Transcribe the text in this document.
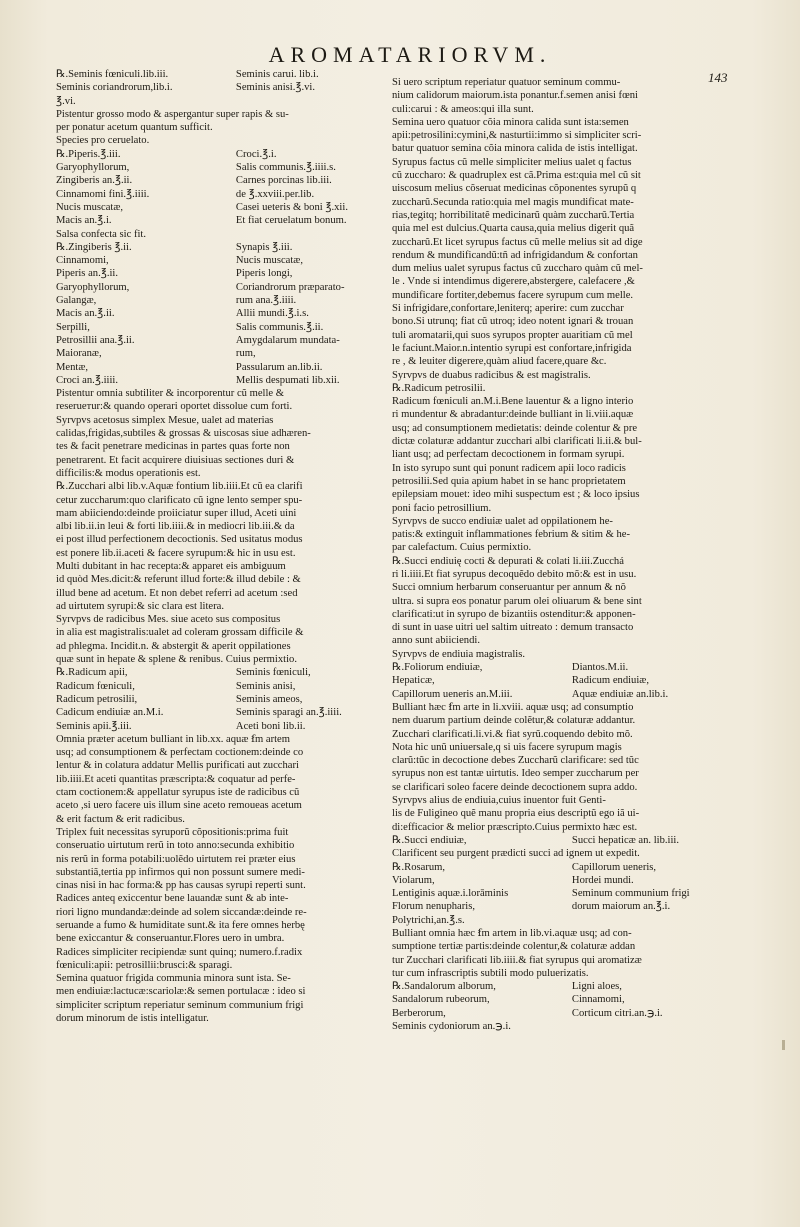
AROMATARIORVM.
143
℞.Seminis fœniculi.lib.iii.	Seminis carui. lib.i.
Seminis coriandrorum,lib.i.	Seminis anisi.℥.vi.

℥.vi.

Pistentur grosso modo & aspergantur super rapis & su-

per ponatur acetum quantum sufficit.

Species pro ceruelato.

℞.Piperis.℥.iii.	Croci.℥.i.
Garyophyllorum,	Salis communis.℥.iiii.s.
Zingiberis an.℥.ii.	Carnes porcinas lib.iii.
Cinnamomi fini.℥.iiii.	de ℥.xxviii.per.lib.
Nucis muscatæ,	Casei ueteris & boni ℥.xii.
Macis an.℥.i.	Et fiat ceruelatum bonum.

Salsa confecta sic fit.

℞.Zingiberis ℥.ii.	Synapis ℥.iii.
Cinnamomi,	Nucis muscatæ,
Piperis an.℥.ii.	Piperis longi,
Garyophyllorum,	Coriandrorum præparato-
Galangæ,	rum ana.℥.iiii.
Macis an.℥.ii.	Allii mundi.℥.i.s.
Serpilli,	Salis communis.℥.ii.
Petrosillii ana.℥.ii.	Amygdalarum mundata-
Maioranæ,	rum,
Mentæ,	Passularum an.lib.ii.
Croci an.℥.iiii.	Mellis despumati lib.xii.

Pistentur omnia subtiliter & incorporentur cũ melle &

reserueтur:& quando operari oportet dissolue cum forti.

Syrvpvs acetosus simplex Mesue, ualet ad materias

calidas,frigidas,subtiles & grossas & uiscosas siue adhæren-

tes & facit penetrare medicinas in partes quas forte non

penetrarent. Et facit acquirere diuisiuas sectiones duri &

difficilis:& modus operationis est.

℞.Zucchari albi lib.v.Aquæ fontium lib.iiii.Et cũ ea clarifi

cetur zuccharum:quo clarificato cũ igne lento semper spu-

mam abiiciendo:deinde proiiciatur super illud, Aceti uini

albi lib.ii.in leui & forti lib.iiii.& in mediocri lib.iii.& da

ei post illud perfectionem decoctionis. Sed usitatus modus

est ponere lib.ii.aceti & facere syrupum:& hic in usu est.

Multi dubitant in hac recepta:& apparet eis ambiguum

id quòd Mes.dicit:& referunt illud forte:& illud debile : &

illud bene ad acetum. Et non debet referri ad acetum :sed

ad uirtutem syrupi:& sic clara est litera.

Syrvpvs de radicibus Mes. siue aceto sus compositus

in alia est magistralis:ualet ad coleram grossam difficile &

ad phlegma. Incidit.n. & abstergit & aperit oppilationes

quæ sunt in hepate & splene & renibus. Cuius permixtio.

℞.Radicum apii,	Seminis fœniculi,
Radicum fœniculi,	Seminis anisi,
Radicum petrosilii,	Seminis ameos,
Cadicum endiuiæ an.M.i.	Seminis sparagi an.℥.iiii.
Seminis apii.℥.iii.	Aceti boni lib.ii.

Omnia præter acetum bulliant in lib.xx. aquæ ẜm artem

usq; ad consumptionem & perfectam coctionem:deinde co

lentur & in colatura addatur Mellis purificati aut zucchari

lib.iiii.Et aceti quantitas præscripta:& coquatur ad perfe-

ctam coctionem:& appellatur syrupus iste de radicibus cũ

aceto ,si uero facere uis illum sine aceto remoueas acetum

& erit factum & erit radicibus.

Triplex fuit necessitas syruporũ cõpositionis:prima fuit

conseruatio uirtutum rerũ in toto anno:secunda exhibitio

nis rerũ in forma potabili:uolẽdo uirtutem rei præter eius

substantiã,tertia pp infirmos qui non possunt sumere medi-

cinas nisi in hac forma:& pp has causas syrupi reperti sunt.

Radices anteq exiccentur bene lauandæ sunt & ab inte-

riori ligno mundandæ:deinde ad solem siccandæ:deinde re-

seruande a fumo & humiditate sunt.& ita fere omnes herbę

bene exiccantur & conseruantur.Flores uero in umbra.

Radices simpliciter recipiendæ sunt quinq; numero.f.radix

fœniculi:apii: petrosillii:brusci:& sparagi.

Semina quatuor frigida communia minora sunt ista. Se-

men endiuiæ:lactucæ:scariolæ:& semen portulacæ : ideo si

simpliciter scriptum reperiatur seminum communium frigi

dorum minorum de istis intelligatur.

Si uero scriptum reperiatur quatuor seminum commu-

nium calidorum maiorum.ista ponantur.f.semen anisi fœni

culi:carui : & ameos:qui illa sunt.

Semina uero quatuor cõia minora calida sunt ista:semen

apii:petrosilini:cymini,& nasturtii:immo si simpliciter scri-

batur quatuor semina cõia minora calida de istis intelligat.

Syrupus factus cũ melle simpliciter melius ualet q factus

cũ zuccharo: & quadruplex est cã.Prima est:quia mel cũ sit

uiscosum melius cõseruat medicinas cõponentes syrupũ q

zuccharũ.Secunda ratio:quia mel magis mundificat mate-

rias,tegitq; horribilitatẽ medicinarũ quàm zuccharũ.Tertia

quia mel est dulcius.Quarta causa,quia melius digerit quã

zuccharũ.Et licet syrupus factus cũ melle melius sit ad dige

rendum & mundificandũ:tñ ad infrigidandum & confortan

dum melius ualet syrupus factus cũ zuccharo quàm cũ mel-

le . Vnde si intendimus digerere,abstergere, calefacere ,&

mundificare fortiter,debemus facere syrupum cum melle.

Si infrigidare,confortare,leniterq; aperire: cum zucchar

bono.Si utrunq; fiat cũ utroq; ideo notent ignari & trouan

tuli aromatarii,qui suos syrupos propter auaritiam cũ mel

le faciunt.Maior.n.intentio syrupi est confortare,infrigida

re , & leuiter digerere,quàm aliud facere,quare &c.

Syrvpvs de duabus radicibus & est magistralis.

℞.Radicum petrosilii.

Radicum fœniculi an.M.i.Bene lauentur & a ligno interio

ri mundentur & abradantur:deinde bulliant in li.viii.aquæ

usq; ad consumptionem medietatis: deinde colentur & pre

dictæ colaturæ addantur zucchari albi clarificati li.ii.& bul-

liant usq; ad perfectam decoctionem in formam syrupi.

In isto syrupo sunt qui ponunt radicem apii loco radicis

petrosilii.Sed quia apium habet in se hanc proprietatem

epilepsiam mouet: ideo mihi suspectum est ; & loco ipsius

poni facio petrosillium.

Syrvpvs de succo endiuiæ ualet ad oppilationem he-

patis:& extinguit inflammationes febrium & sitim & he-

par calefactum. Cuius permixtio.

℞.Succi endiuię cocti & depurati & colati li.iii.Zucchá

ri li.iiii.Et fiat syrupus decoquẽdo debito mõ:& est in usu.

Succi omnium herbarum conseruantur per annum & nõ

ultra. si supra eos ponatur parum olei oliuarum & bene sint

clarificati:ut in syrupo de bizantiis ostenditur:& apponen-

di sunt in uase uitri uel saltim uitreato : demum transacto

anno sunt abiiciendi.

Syrvpvs de endiuia magistralis.

℞.Foliorum endiuiæ,	Diantos.M.ii.
Hepaticæ,	Radicum endiuiæ,
Capillorum ueneris an.M.iii.	Aquæ endiuiæ an.lib.i.

Bulliant hæc ẜm arte in li.xviii. aquæ usq; ad consumptio

nem duarum partium deinde colẽtur,& colaturæ addantur.

Zucchari clarificati.li.vi.& fiat syrũ.coquendo debito mõ.

Nota hic unũ uniuersale,q si uis facere syrupum magis

clarũ:tũc in decoctione debes Zuccharũ clarificare: sed tũc

syrupus non est tantæ uirtutis. Ideo semper zuccharum per

se clarificari soleo facere deinde decoctionem supra addo.

Syrvpvs alius de endiuia,cuius inuentor fuit Genti-

lis de Fuligineo quẽ manu propria eius descriptũ ego iã ui-

di:efficacior & melior præscripto.Cuius permixto hæc est.

℞.Succi endiuiæ,	Succi hepaticæ an. lib.iii.

Clarificent seu purgent prædicti succi ad ignem ut expedit.

℞.Rosarum,	Capillorum ueneris,
Violarum,	Hordei mundi.
Lentiginis aquæ.i.lorāminis	Seminum communium frigi
Florum nenupharis,	dorum maiorum an.℥.i.

Polytrichi,an.℥.s.

Bulliant omnia hæc ẜm artem in lib.vi.aquæ usq; ad con-

sumptione tertiæ partis:deinde colentur,& colaturæ addan

tur Zucchari clarificati lib.iiii.& fiat syrupus qui aromatizæ

tur cum infrascriptis subtili modo puluerizatis.

℞.Sandalorum alborum,	Ligni aloes,
Sandalorum rubeorum,	Cinnamomi,
Berberorum,	Corticum citri.an.℈.i.

Seminis cydoniorum an.℈.i.
